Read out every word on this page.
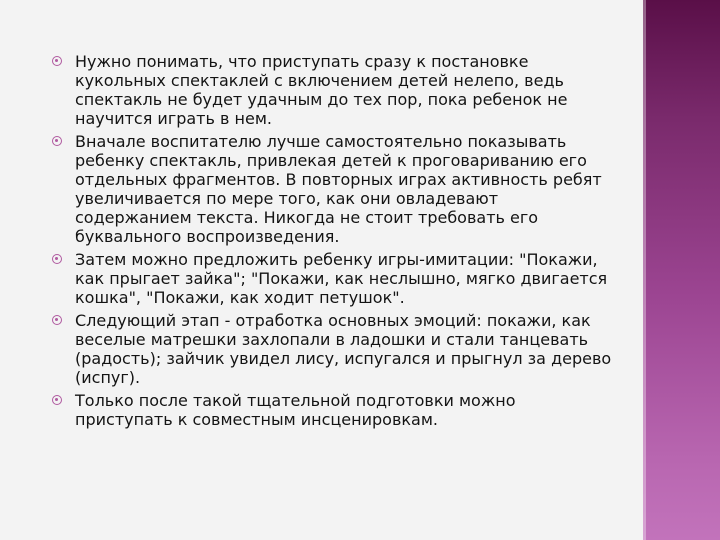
Нужно понимать, что приступать сразу к постановке кукольных спектаклей с включением детей нелепо, ведь спектакль не будет удачным до тех пор, пока ребенок не научится играть в нем.
Вначале воспитателю лучше самостоятельно показывать ребенку спектакль, привлекая детей к проговариванию его отдельных фрагментов. В повторных играх активность ребят увеличивается по мере того, как они овладевают содержанием текста. Никогда не стоит требовать его буквального воспроизведения.
Затем можно предложить ребенку игры-имитации: "Покажи, как прыгает зайка"; "Покажи, как неслышно, мягко двигается кошка", "Покажи, как ходит петушок".
Следующий этап - отработка основных эмоций: покажи, как веселые матрешки захлопали в ладошки и стали танцевать (радость); зайчик увидел лису, испугался и прыгнул за дерево (испуг).
Только после такой тщательной подготовки можно приступать к совместным инсценировкам.
